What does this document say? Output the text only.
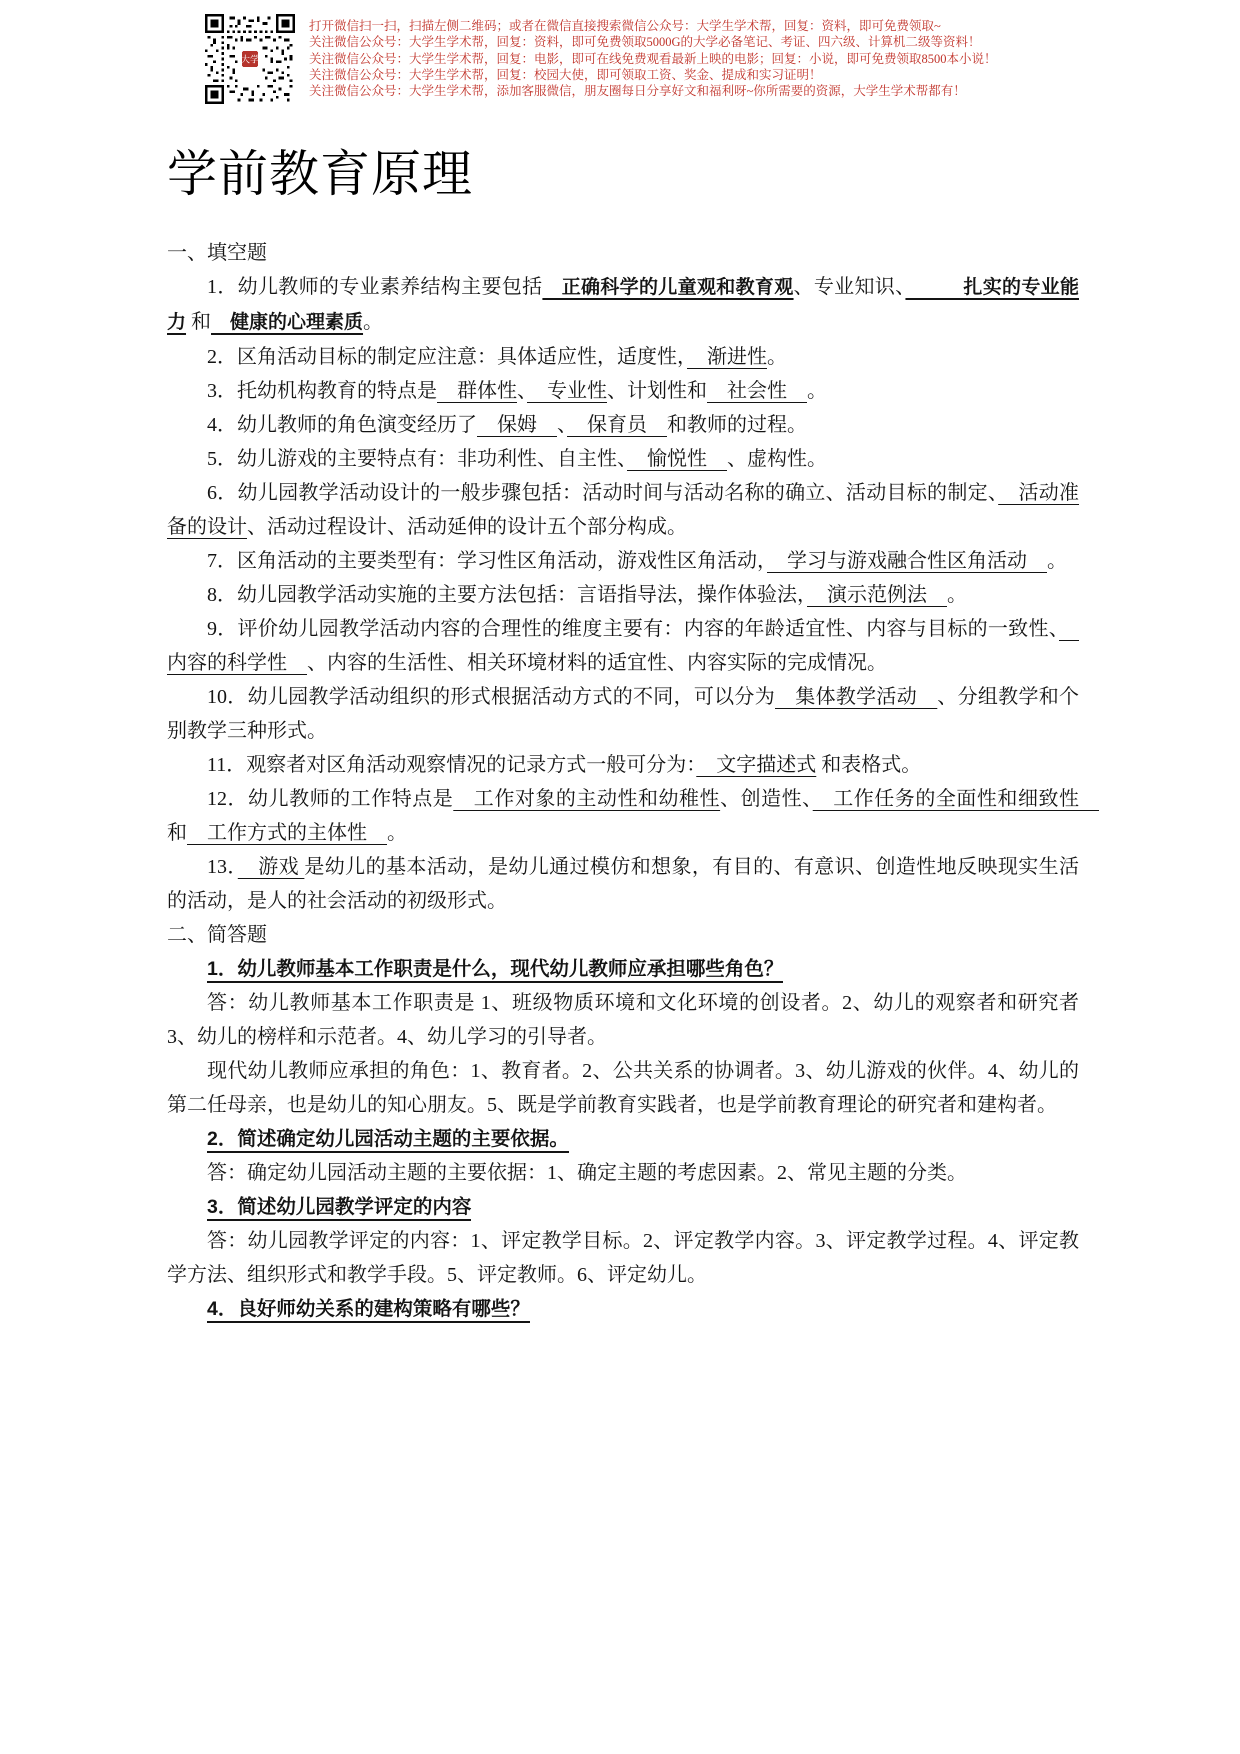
大学
打开微信扫一扫，扫描左侧二维码；或者在微信直接搜索微信公众号：大学生学术帮，回复：资料，即可免费领取~
关注微信公众号：大学生学术帮，回复：资料，即可免费领取5000G的大学必备笔记、考证、四六级、计算机二级等资料！
关注微信公众号：大学生学术帮，回复：电影，即可在线免费观看最新上映的电影；回复：小说，即可免费领取8500本小说！
关注微信公众号：大学生学术帮，回复：校园大使，即可领取工资、奖金、提成和实习证明！
关注微信公众号：大学生学术帮，添加客服微信，朋友圈每日分享好文和福利呀~你所需要的资源，大学生学术帮都有！
学前教育原理
一、填空题
1．幼儿教师的专业素养结构主要包括　正确科学的儿童观和教育观、专业知识、　　　扎实的专业能力 和　健康的心理素质。
2．区角活动目标的制定应注意：具体适应性，适度性，　渐进性。
3．托幼机构教育的特点是　群体性、　专业性、计划性和　社会性　。
4．幼儿教师的角色演变经历了　保姆　、　保育员　和教师的过程。
5．幼儿游戏的主要特点有：非功利性、自主性、　愉悦性　、虚构性。
6．幼儿园教学活动设计的一般步骤包括：活动时间与活动名称的确立、活动目标的制定、　活动准备的设计、活动过程设计、活动延伸的设计五个部分构成。
7．区角活动的主要类型有：学习性区角活动，游戏性区角活动，　学习与游戏融合性区角活动　。
8．幼儿园教学活动实施的主要方法包括：言语指导法，操作体验法，　演示范例法　。
9．评价幼儿园教学活动内容的合理性的维度主要有：内容的年龄适宜性、内容与目标的一致性、　内容的科学性　、内容的生活性、相关环境材料的适宜性、内容实际的完成情况。
10．幼儿园教学活动组织的形式根据活动方式的不同，可以分为　集体教学活动　、分组教学和个别教学三种形式。
11．观察者对区角活动观察情况的记录方式一般可分为：　文字描述式 和表格式。
12．幼儿教师的工作特点是　工作对象的主动性和幼稚性、创造性、　工作任务的全面性和细致性　和　工作方式的主体性　。
13．　游戏 是幼儿的基本活动，是幼儿通过模仿和想象，有目的、有意识、创造性地反映现实生活的活动，是人的社会活动的初级形式。
二、简答题
1．幼儿教师基本工作职责是什么，现代幼儿教师应承担哪些角色？
答：幼儿教师基本工作职责是 1、班级物质环境和文化环境的创设者。2、幼儿的观察者和研究者 3、幼儿的榜样和示范者。4、幼儿学习的引导者。
现代幼儿教师应承担的角色：1、教育者。2、公共关系的协调者。3、幼儿游戏的伙伴。4、幼儿的第二任母亲，也是幼儿的知心朋友。5、既是学前教育实践者，也是学前教育理论的研究者和建构者。
2．简述确定幼儿园活动主题的主要依据。
答：确定幼儿园活动主题的主要依据：1、确定主题的考虑因素。2、常见主题的分类。
3．简述幼儿园教学评定的内容
答：幼儿园教学评定的内容：1、评定教学目标。2、评定教学内容。3、评定教学过程。4、评定教学方法、组织形式和教学手段。5、评定教师。6、评定幼儿。
4．良好师幼关系的建构策略有哪些？
